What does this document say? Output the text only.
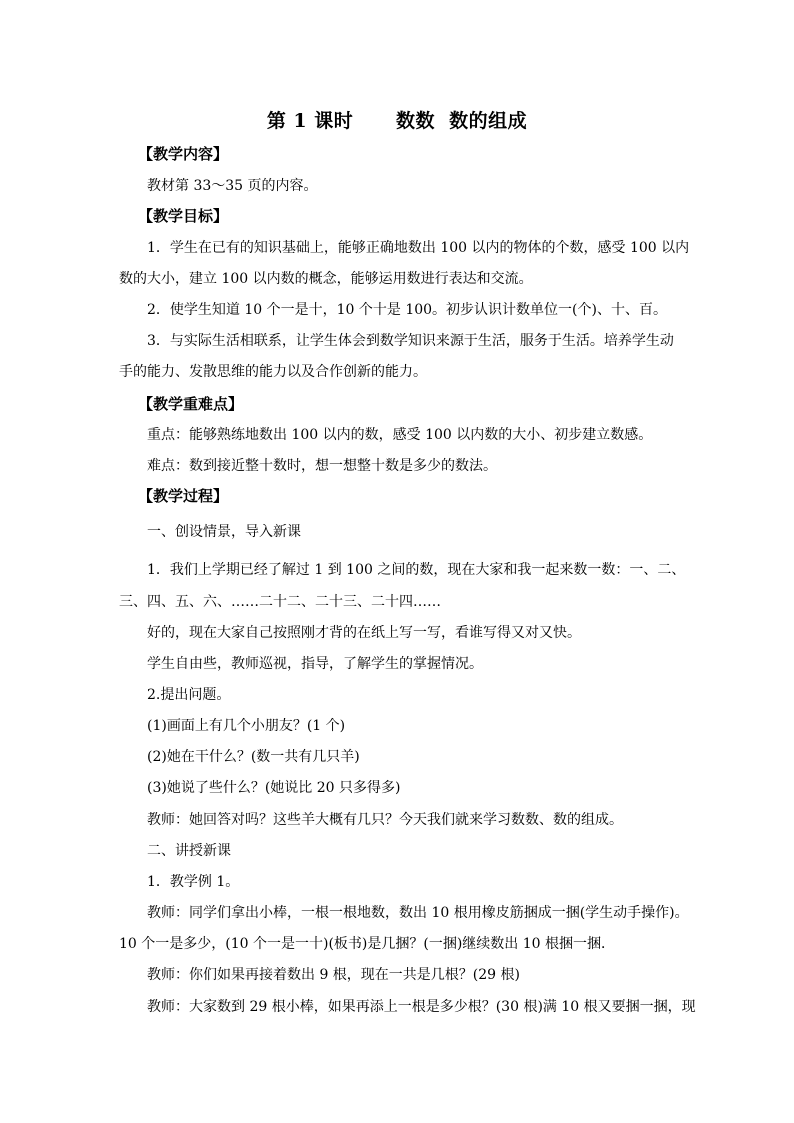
第 1 课时      数数  数的组成
【教学内容】
教材第 33～35 页的内容。
【教学目标】
1．学生在已有的知识基础上，能够正确地数出 100 以内的物体的个数，感受 100 以内
数的大小，建立 100 以内数的概念，能够运用数进行表达和交流。
2．使学生知道 10 个一是十，10 个十是 100。初步认识计数单位一(个)、十、百。
3．与实际生活相联系，让学生体会到数学知识来源于生活，服务于生活。培养学生动
手的能力、发散思维的能力以及合作创新的能力。
【教学重难点】
重点：能够熟练地数出 100 以内的数，感受 100 以内数的大小、初步建立数感。
难点：数到接近整十数时，想一想整十数是多少的数法。
【教学过程】
一、创设情景，导入新课
1．我们上学期已经了解过 1 到 100 之间的数，现在大家和我一起来数一数：一、二、
三、四、五、六、……二十二、二十三、二十四……
好的，现在大家自己按照刚才背的在纸上写一写，看谁写得又对又快。
学生自由些，教师巡视，指导，了解学生的掌握情况。
2.提出问题。
(1)画面上有几个小朋友？(1 个)
(2)她在干什么？(数一共有几只羊)
(3)她说了些什么？(她说比 20 只多得多)
教师：她回答对吗？这些羊大概有几只？今天我们就来学习数数、数的组成。
二、讲授新课
1．教学例 1。
教师：同学们拿出小棒，一根一根地数，数出 10 根用橡皮筋捆成一捆(学生动手操作)。
10 个一是多少，(10 个一是一十)(板书)是几捆？(一捆)继续数出 10 根捆一捆．
教师：你们如果再接着数出 9 根，现在一共是几根？(29 根)
教师：大家数到 29 根小棒，如果再添上一根是多少根？(30 根)满 10 根又要捆一捆，现
